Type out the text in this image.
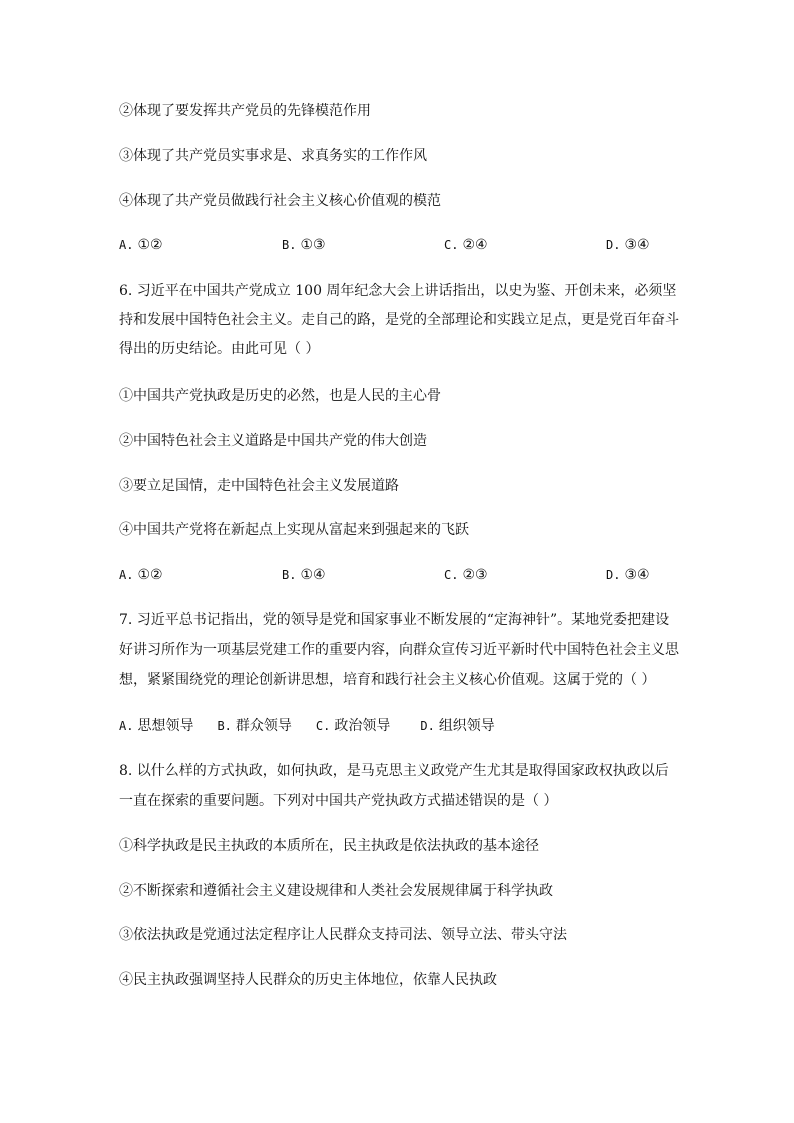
②体现了要发挥共产党员的先锋模范作用
③体现了共产党员实事求是、求真务实的工作作风
④体现了共产党员做践行社会主义核心价值观的模范
A. ①②	B. ①③	C. ②④	D. ③④
6. 习近平在中国共产党成立 100 周年纪念大会上讲话指出，以史为鉴、开创未来，必须坚
持和发展中国特色社会主义。走自己的路，是党的全部理论和实践立足点，更是党百年奋斗
得出的历史结论。由此可见（ ）
①中国共产党执政是历史的必然，也是人民的主心骨
②中国特色社会主义道路是中国共产党的伟大创造
③要立足国情，走中国特色社会主义发展道路
④中国共产党将在新起点上实现从富起来到强起来的飞跃
A. ①②	B. ①④	C. ②③	D. ③④
7. 习近平总书记指出，党的领导是党和国家事业不断发展的“定海神针”。某地党委把建设
好讲习所作为一项基层党建工作的重要内容，向群众宣传习近平新时代中国特色社会主义思
想，紧紧围绕党的理论创新讲思想，培育和践行社会主义核心价值观。这属于党的（ ）
A. 思想领导 B. 群众领导 C. 政治领导	D. 组织领导
8. 以什么样的方式执政，如何执政，是马克思主义政党产生尤其是取得国家政权执政以后
一直在探索的重要问题。下列对中国共产党执政方式描述错误的是（ ）
①科学执政是民主执政的本质所在，民主执政是依法执政的基本途径
②不断探索和遵循社会主义建设规律和人类社会发展规律属于科学执政
③依法执政是党通过法定程序让人民群众支持司法、领导立法、带头守法
④民主执政强调坚持人民群众的历史主体地位，依靠人民执政
